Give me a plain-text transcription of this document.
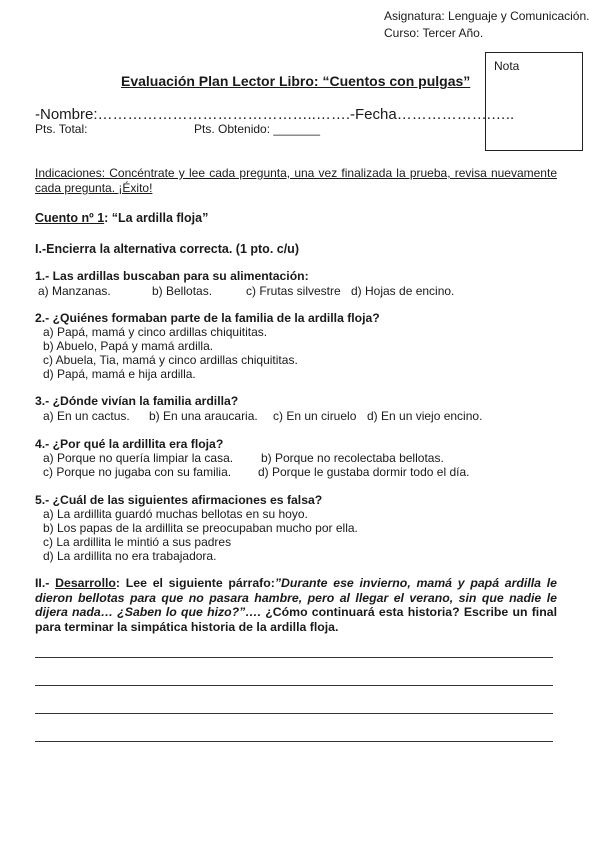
Asignatura: Lenguaje y Comunicación.
Curso: Tercer Año.
Nota
Evaluación Plan Lector Libro: “Cuentos con pulgas”
-Nombre:……………………………………..…….-Fecha……………….…..
Pts. Total:	Pts. Obtenido: _______
Indicaciones: Concéntrate y lee cada pregunta, una vez finalizada la prueba, revisa nuevamente cada pregunta. ¡Éxito!
Cuento nº 1: “La ardilla floja”
I.-Encierra la alternativa correcta. (1 pto. c/u)
1.- Las ardillas buscaban para su alimentación:
a) Manzanas.	b) Bellotas.	c) Frutas silvestre d) Hojas de encino.
2.- ¿Quiénes formaban parte de la familia de la ardilla floja?
a) Papá, mamá y cinco ardillas chiquititas.
b) Abuelo, Papá y mamá ardilla.
c) Abuela, Tia, mamá y cinco ardillas chiquititas.
d) Papá, mamá e hija ardilla.
3.- ¿Dónde vivían la familia ardilla?
a) En un cactus. b) En una araucaria. c) En un ciruelo d) En un viejo encino.
4.- ¿Por qué la ardillita era floja?
a) Porque no quería limpiar la casa. b) Porque no recolectaba bellotas.
c) Porque no jugaba con su familia. d) Porque le gustaba dormir todo el día.
5.- ¿Cuál de las siguientes afirmaciones es falsa?
a) La ardillita guardó muchas bellotas en su hoyo.
b) Los papas de la ardillita se preocupaban mucho por ella.
c) La ardillita le mintió a sus padres
d) La ardillita no era trabajadora.
II.- Desarrollo: Lee el siguiente párrafo:”Durante ese invierno, mamá y papá ardilla le dieron bellotas para que no pasara hambre, pero al llegar el verano, sin que nadie le dijera nada… ¿Saben lo que hizo?”…. ¿Cómo continuará esta historia? Escribe un final para terminar la simpática historia de la ardilla floja.
